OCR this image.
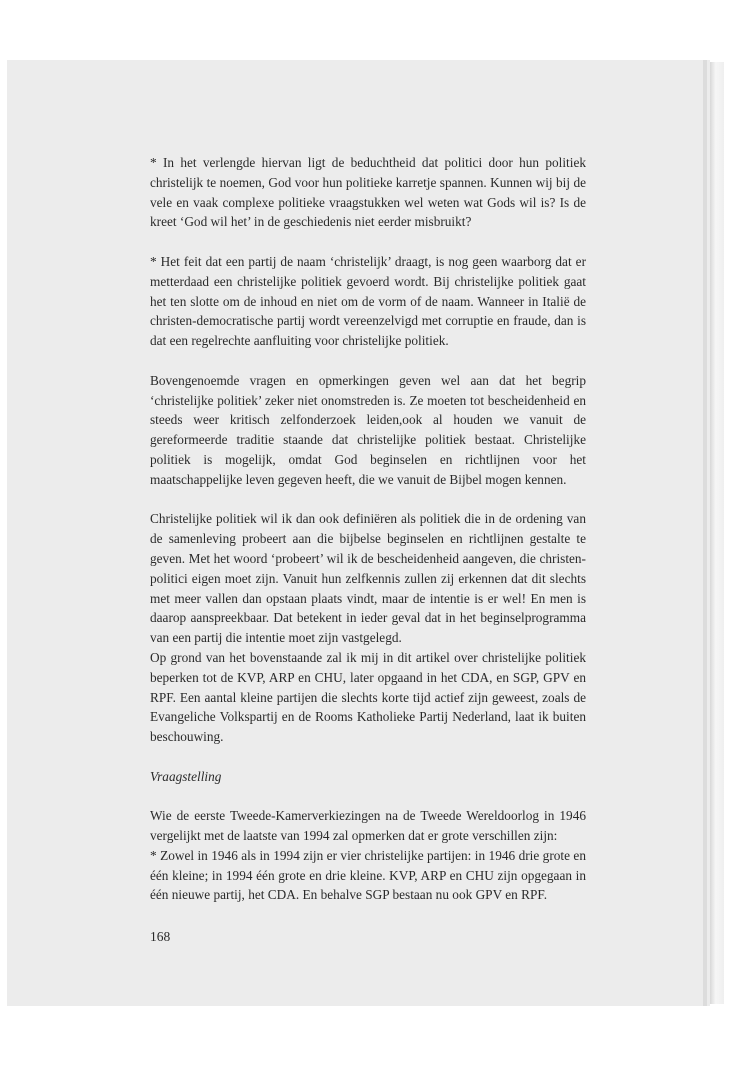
* In het verlengde hiervan ligt de beduchtheid dat politici door hun politiek christelijk te noemen, God voor hun politieke karretje spannen. Kunnen wij bij de vele en vaak complexe politieke vraagstukken wel weten wat Gods wil is? Is de kreet ‘God wil het’ in de geschiedenis niet eerder misbruikt?

* Het feit dat een partij de naam ‘christelijk’ draagt, is nog geen waarborg dat er metterdaad een christelijke politiek gevoerd wordt. Bij christelijke politiek gaat het ten slotte om de inhoud en niet om de vorm of de naam. Wanneer in Italië de christen-democratische partij wordt vereenzelvigd met corruptie en fraude, dan is dat een regelrechte aanfluiting voor christelijke politiek.

Bovengenoemde vragen en opmerkingen geven wel aan dat het begrip ‘christelijke politiek’ zeker niet onomstreden is. Ze moeten tot bescheidenheid en steeds weer kritisch zelfonderzoek leiden,ook al houden we vanuit de gereformeerde traditie staande dat christelijke politiek bestaat. Christelijke politiek is mogelijk, omdat God beginselen en richtlijnen voor het maatschappelijke leven gegeven heeft, die we vanuit de Bijbel mogen kennen.

Christelijke politiek wil ik dan ook definiëren als politiek die in de ordening van de samenleving probeert aan die bijbelse beginselen en richtlijnen gestalte te geven. Met het woord ‘probeert’ wil ik de bescheidenheid aangeven, die christen-politici eigen moet zijn. Vanuit hun zelfkennis zullen zij erkennen dat dit slechts met meer vallen dan opstaan plaats vindt, maar de intentie is er wel! En men is daarop aanspreekbaar. Dat betekent in ieder geval dat in het beginselprogramma van een partij die intentie moet zijn vastgelegd.

Op grond van het bovenstaande zal ik mij in dit artikel over christelijke politiek beperken tot de KVP, ARP en CHU, later opgaand in het CDA, en SGP, GPV en RPF. Een aantal kleine partijen die slechts korte tijd actief zijn geweest, zoals de Evangeliche Volkspartij en de Rooms Katholieke Partij Nederland, laat ik buiten beschouwing.

Vraagstelling

Wie de eerste Tweede-Kamerverkiezingen na de Tweede Wereldoorlog in 1946 vergelijkt met de laatste van 1994 zal opmerken dat er grote verschillen zijn:

* Zowel in 1946 als in 1994 zijn er vier christelijke partijen: in 1946 drie grote en één kleine; in 1994 één grote en drie kleine. KVP, ARP en CHU zijn opgegaan in één nieuwe partij, het CDA. En behalve SGP bestaan nu ook GPV en RPF.

168
